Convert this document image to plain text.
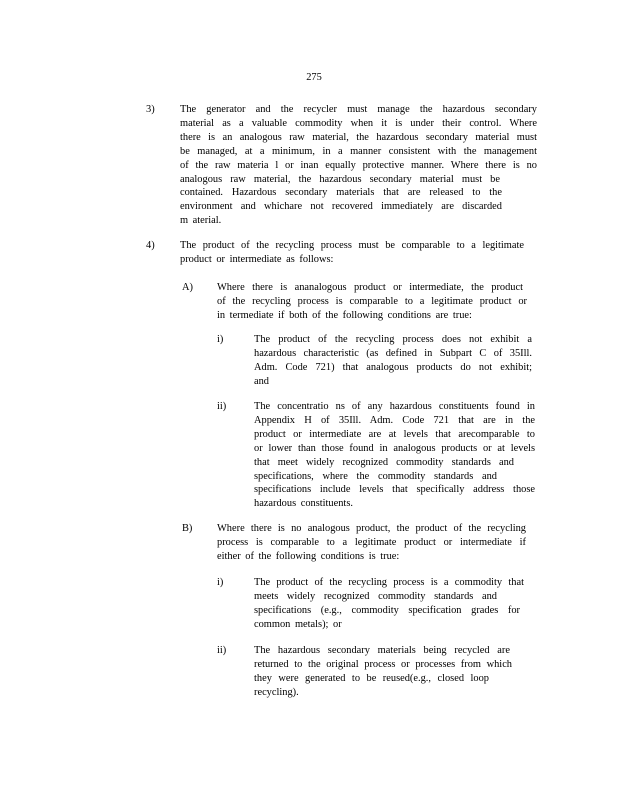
275
3) The generator and the recycler must manage the hazardous secondary
material as a valuable commodity when it is under their control. Where
there is an analogous raw material, the hazardous secondary material must
be managed, at a minimum, in a manner consistent with the management
of the raw materia l or inan equally protective manner. Where there is no
analogous raw material, the hazardous secondary material must be
contained. Hazardous secondary materials that are released to the
environment and whichare not recovered immediately are discarded
m aterial.
4) The product of the recycling process must be comparable to a legitimate
product or intermediate as follows:
A) Where there is ananalogous product or intermediate, the product
of the recycling process is comparable to a legitimate product or
in termediate if both of the following conditions are true:
i)	The product of the recycling process does not exhibit a
hazardous characteristic (as defined in Subpart C of 35Ill.
Adm. Code 721) that analogous products do not exhibit;
and
ii)	The concentratio ns of any hazardous constituents found in
Appendix H of 35Ill. Adm. Code 721 that are in the
product or intermediate are at levels that arecomparable to
or lower than those found in analogous products or at levels
that meet widely recognized commodity standards and
specifications, where the commodity standards and
specifications include levels that specifically address those
hazardous constituents.
B) Where there is no analogous product, the product of the recycling
process is comparable to a legitimate product or intermediate if
either of the following conditions is true:
i)	The product of the recycling process is a commodity that
meets widely recognized commodity standards and
specifications (e.g., commodity specification grades for
common metals); or
ii)	The hazardous secondary materials being recycled are
returned to the original process or processes from which
they were generated to be reused(e.g., closed loop
recycling).
